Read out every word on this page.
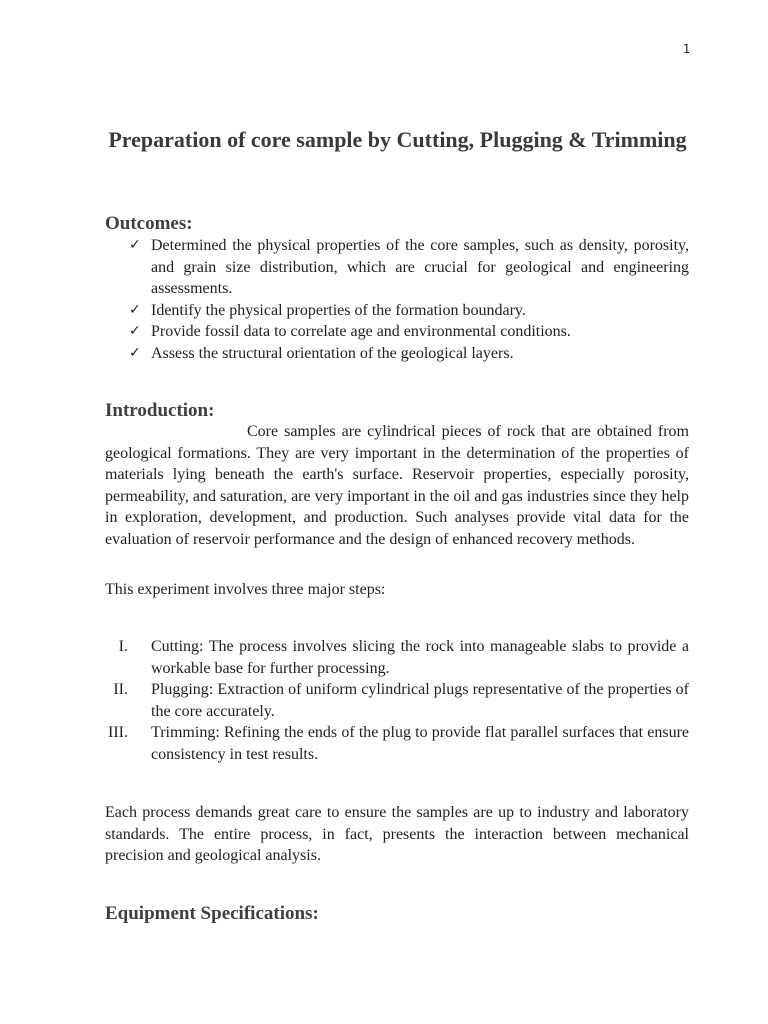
1
Preparation of core sample by Cutting, Plugging & Trimming
Outcomes:
✓ Determined the physical properties of the core samples, such as density, porosity, and grain size distribution, which are crucial for geological and engineering assessments.
✓ Identify the physical properties of the formation boundary.
✓ Provide fossil data to correlate age and environmental conditions.
✓ Assess the structural orientation of the geological layers.
Introduction:
Core samples are cylindrical pieces of rock that are obtained from geological formations. They are very important in the determination of the properties of materials lying beneath the earth's surface. Reservoir properties, especially porosity, permeability, and saturation, are very important in the oil and gas industries since they help in exploration, development, and production. Such analyses provide vital data for the evaluation of reservoir performance and the design of enhanced recovery methods.
This experiment involves three major steps:
I. Cutting: The process involves slicing the rock into manageable slabs to provide a workable base for further processing.
II. Plugging: Extraction of uniform cylindrical plugs representative of the properties of the core accurately.
III. Trimming: Refining the ends of the plug to provide flat parallel surfaces that ensure consistency in test results.
Each process demands great care to ensure the samples are up to industry and laboratory standards. The entire process, in fact, presents the interaction between mechanical precision and geological analysis.
Equipment Specifications:
